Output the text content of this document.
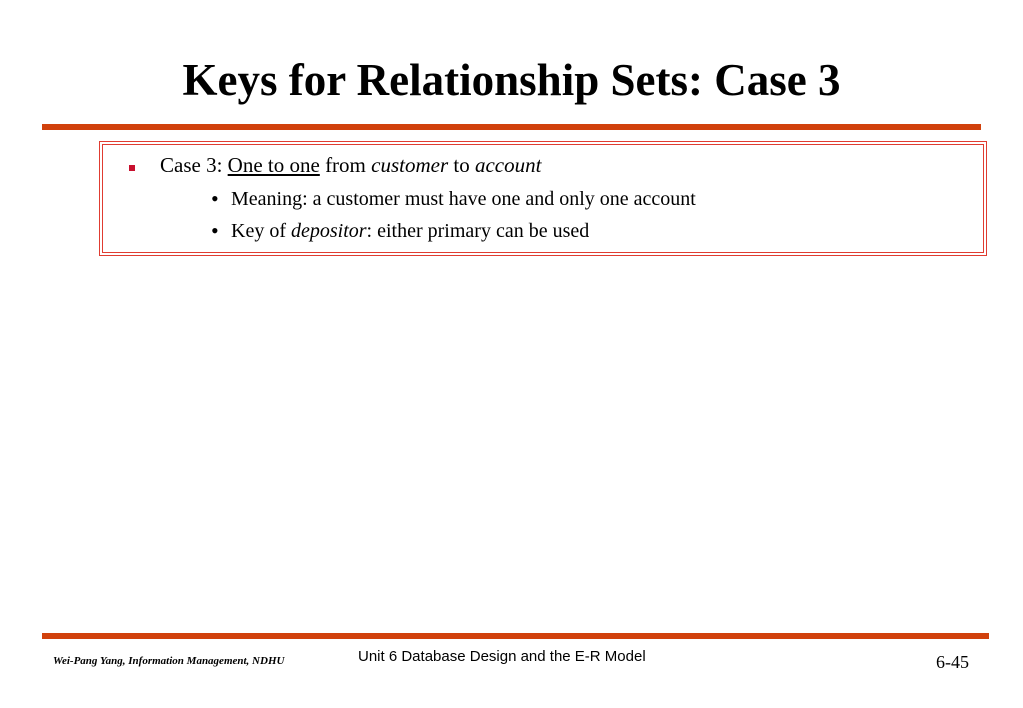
Keys for Relationship Sets: Case 3
Case 3: One to one from customer to account
• Meaning: a customer must have one and only one account
• Key of depositor: either primary can be used
Wei-Pang Yang, Information Management, NDHU	Unit 6 Database Design and the E-R Model	6-45
